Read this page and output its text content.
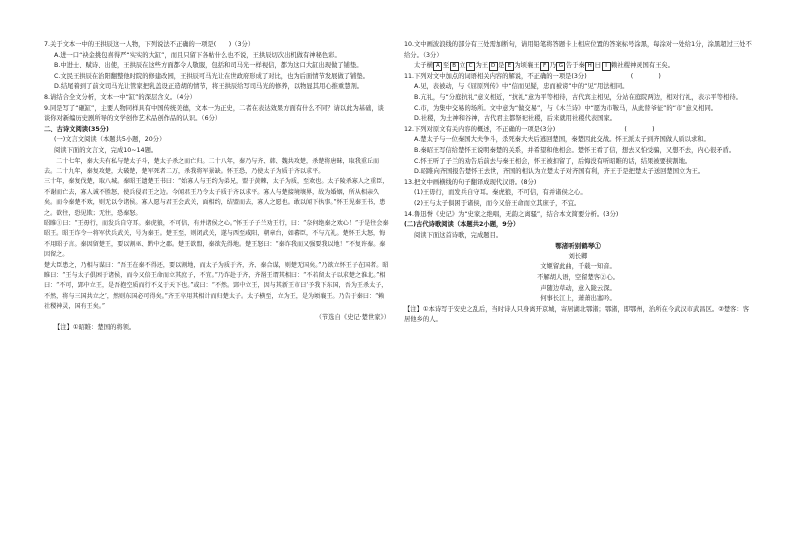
7.关于文本一中的王拱辰这一人物，下列说法不正确的一项是(　　)（3分）

A.进一口“袂金挑包喜得严“实实的大缸”，而且只留下各帖什么也不说，王拱辰切次出机做有神秘色彩。

B.中进士、赋诗、出使，王拱辰在这些方面都令人敬服，包括和司马光一样视信，都为这口大缸出现做了铺垫。

C.文民王拱辰在治阳翻整他时院的修建改园，王拱辰可马光让在世政府形成了对比，也为后面情节发展做了铺垫。

D.结尾着到了前文司马光让管家把乳盖设正造胡的情节，将王拱辰给写司马光的修养，以物显其用心推重慧剂。

8.请结合全文分析，文本一中“缸”的深层含义。（4分）

9.同是写了“砸缸”，主要人物同样具有中国传统美德，文本一为正史，二者在表达效果方面有什么不同？请以此为基础，谈谈你对新编历史剧所导的文学创作艺术品创作品的认识。（6分）

二、古诗文阅读(35分)

(一)文言文阅读（本题共5小题，20分）

阅读下面的文言文，完成10~14题。

　　二十七年，秦大夫有私与楚太子斗，楚太子杀之而亡归。二十八年，秦乃与齐、韩、魏共攻楚，杀楚将唐昧，取我重丘而去。二十九年，秦复攻楚，大破楚，楚军死者二万，杀我将军景缺。怀王恐，乃使太子为质于齐以求平。

三十年，秦复伐楚，取八城。秦昭王遗楚王书曰：“始寡人与王约为弟兄，盟于黄棘，太子为质，至欢也。太子陵杀寡人之重臣，不谢而亡去，寡人诚不胜怒，使兵侵君王之边。今闻君王乃令太子质于齐以求平。寡人与楚接境壤界，故为婚姻，所从相亲久矣。而今秦楚不欢，则无以令诸侯。寡人愿与君王会武关，面相约，结盟而去，寡人之愿也。敢以闻下执事。”怀王见秦王书，患之。欲往，恐见欺；无往，恐秦怒。

昭睢①曰：“王毋行，而发兵自守耳。秦虎狼，不可信，有并诸侯之心。”怀王子子兰劝王行，曰：“奈何绝秦之欢心！”于是往会秦昭王。昭王诈令一将军伏兵武关，号为秦王。楚王至，则闭武关，遂与西至咸阳，朝章台，如蕃臣，不与亢礼。楚怀王大怒，悔不用昭子言。秦因留楚王，要以割巫、黔中之郡。楚王欲盟，秦欲先得地。楚王怒曰：“秦诈我而又强要我以地！”不复许秦。秦因留之。

楚大臣患之，乃相与谋曰：“吾王在秦不得还，要以割地，而太子为质于齐，齐、秦合谋，则楚无国矣。”乃欲立怀王子在国者。昭睢曰：“王与太子俱困于诸侯，而今又倍王命而立其庶子，不宜。”乃诈赴于齐，齐湣王谓其相曰：“不若留太子以求楚之淮北。”相曰：“不可，郢中立王，是吾抱空质而行不义于天下也。”或曰：“不然。郢中立王，因与其新王市曰‘予我下东国，吾为王杀太子，不然，将与三国共立之’，然则东国必可得矣。”齐王卒用其相计而归楚太子。太子横至，立为王，是为顷襄王。乃告于秦曰：“赖社稷神灵，国有王矣。”

（节选自《史记·楚世家》）

【注】①昭睢：楚国的将领。

10.文中画波浪线的部分有三处需加断句，请用铅笔将答题卡上相应位置的答案标号涂黑，每涂对一处给1分，涂黑超过三处不给分。（3分）

太子横 A 至 B 立 C 为王 D 是 E 为顷襄王 F 乃 G 告于秦 H 曰 I 赖社稷神灵 国有王矣。

11.下列对文中加点的词语相关内容的解说，不正确的一项是(3分)　　　　　　　(　　　　)

A.见，表被动，与《屈原列传》中“信而见疑，忠而被谤”中的“见”用法相同。

B.亢礼，与“分庭抗礼”意义相近，“抗礼”意为平等相待，古代宾主相见，分站在庭院两边，相对行礼，表示平等相待。

C.市，为集中交易的场所。文中意为“做交易”，与《木兰诗》中“愿为市鞍马，从此替爷征”的“市”意义相同。

D.社稷，为土神和谷神，古代君主都祭祀社稷，后来就用社稷代表国家。

12.下列对原文有关内容的概述，不正确的一项是(3分)　　　　　　　　　　　(　　　　)

A.楚太子与一位秦国大夫争斗，杀死秦大夫后逃回楚国，秦楚因此交战。怀王派太子到齐国做人质以求和。

B.秦昭王写信给楚怀王说明秦楚的关系，并希望和他相会。楚怀王看了信，想去又怕受骗，又想不去，内心很矛盾。

C.怀王听了子兰的劝告后前去与秦王相会，怀王被扣留了，后悔没有听昭睢的话，结果被要挟割地。

D.昭睢向齐国报告楚怀王去世，齐国的相认为立楚太子对齐国有利，齐王于是把楚太子送回楚国立为王。

13.把文中画横线的句子翻译成现代汉语。(8分)

(1)王毋行，而发兵自守耳。秦虎狼，不可信，有并诸侯之心。

(2)王与太子俱困于诸侯，而今又倍王命而立其庶子，不宜。

14.鲁迅誉《史记》为“史家之绝唱，无韵之离骚”，结合本文简要分析。(3分)

(二)古代诗歌阅读（本题共2小题，9分）

阅读下面这首诗歌，完成题目。

鄂渚听别鹤琴①
刘长卿
文姬留此曲，千载一知音。
不解胡人语，空留楚客②心。
声随边草动，意入陇云深。
何事长江上，萧萧出塞吟。

【注】①本诗写于安史之乱后，当时诗人只身离开京城，寄居湖北鄂渚；鄂渚，即鄂州，治所在今武汉市武昌区。②楚客：客居他乡的人。
